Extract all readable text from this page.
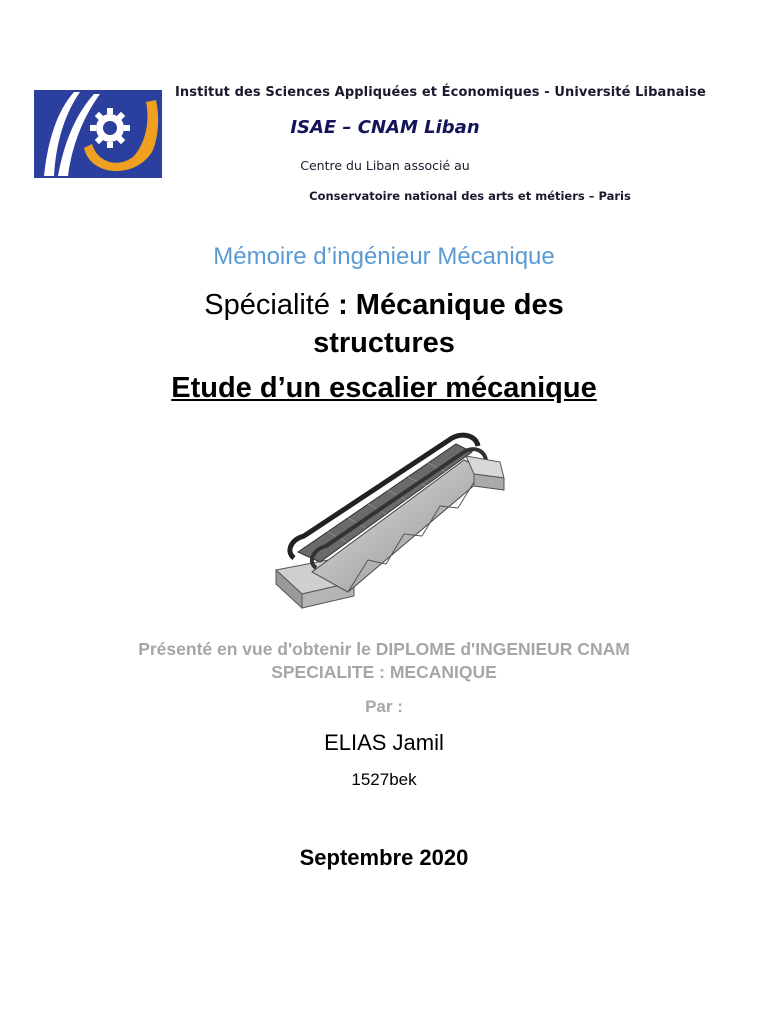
Institut des Sciences Appliquées et Économiques - Université Libanaise
ISAE – CNAM Liban
Centre du Liban associé au
Conservatoire national des arts et métiers – Paris
Mémoire d’ingénieur Mécanique
Spécialité : Mécanique des
structures
Etude d’un escalier mécanique
Présenté en vue d'obtenir le DIPLOME d'INGENIEUR CNAM
SPECIALITE : MECANIQUE
Par :
ELIAS Jamil
1527bek
Septembre 2020
